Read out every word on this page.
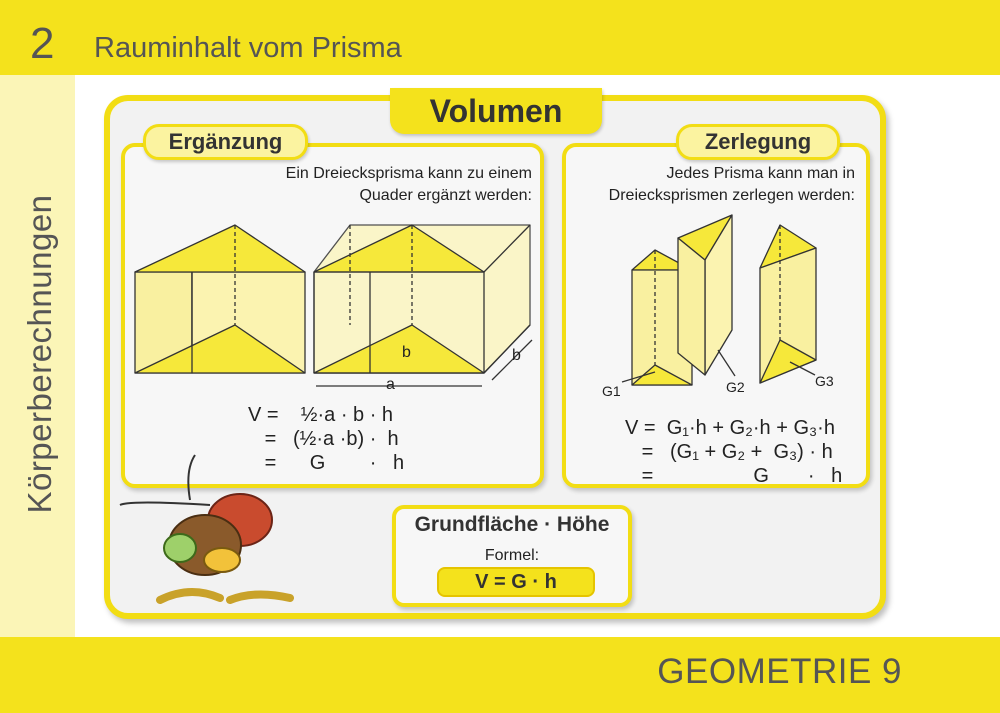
2 Rauminhalt vom Prisma
Körperberechnungen
GEOMETRIE 9
Volumen
Ergänzung	Zerlegung
Ein Dreiecksprisma kann zu einem Quader ergänzt werden:
Jedes Prisma kann man in Dreiecksprismen zerlegen werden:
b
a
b
G1	G2	G3
V =    ½·a · b · h
=   (½·a ·b) ·  h
=      G        ·   h
V =  G₁·h + G₂·h + G₃·h
=   (G₁ + G₂ +  G₃) · h
=                  G       ·   h
Grundfläche · Höhe
Formel:
V = G · h
